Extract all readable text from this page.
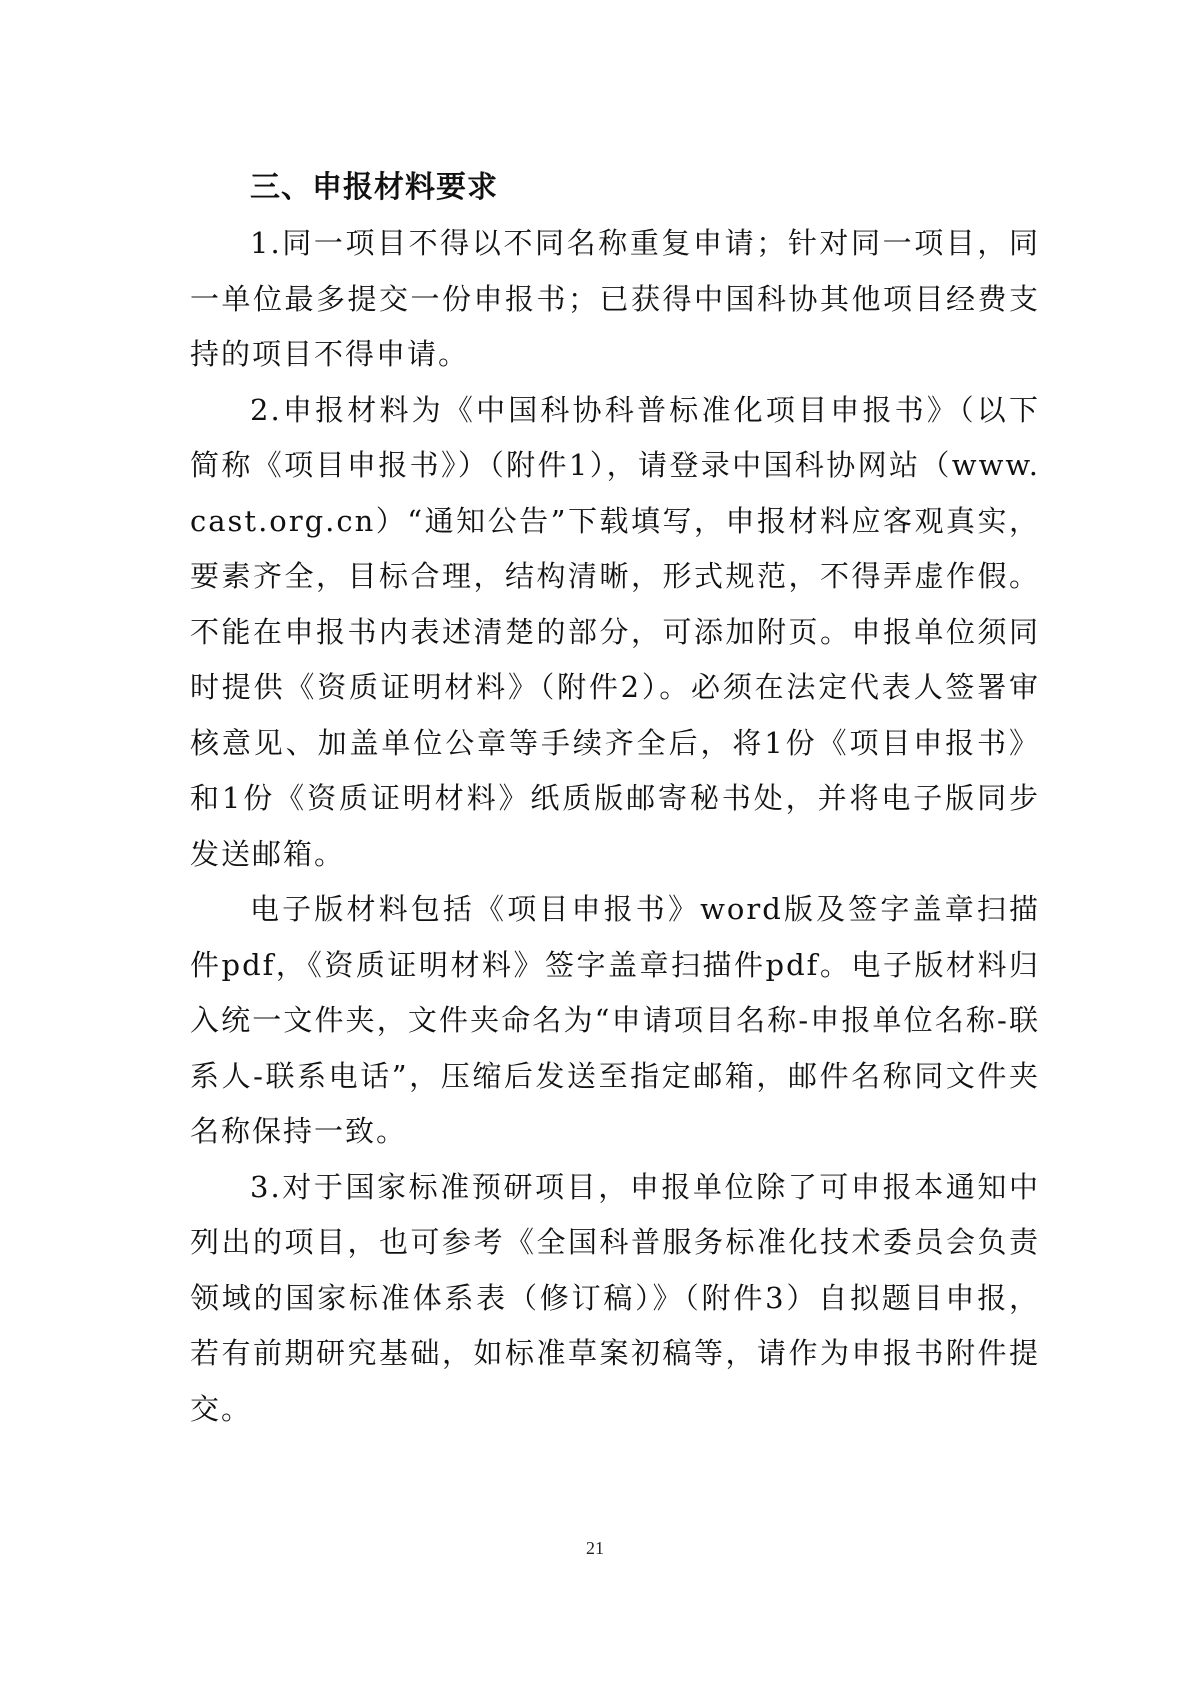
三、申报材料要求

1.同一项目不得以不同名称重复申请；针对同一项目，同一单位最多提交一份申报书；已获得中国科协其他项目经费支持的项目不得申请。

2.申报材料为《中国科协科普标准化项目申报书》（以下简称《项目申报书》）（附件1），请登录中国科协网站（www.cast.org.cn）“通知公告”下载填写，申报材料应客观真实，要素齐全，目标合理，结构清晰，形式规范，不得弄虚作假。不能在申报书内表述清楚的部分，可添加附页。申报单位须同时提供《资质证明材料》（附件2）。必须在法定代表人签署审核意见、加盖单位公章等手续齐全后，将1份《项目申报书》和1份《资质证明材料》纸质版邮寄秘书处，并将电子版同步发送邮箱。

电子版材料包括《项目申报书》word版及签字盖章扫描件pdf，《资质证明材料》签字盖章扫描件pdf。电子版材料归入统一文件夹，文件夹命名为“申请项目名称-申报单位名称-联系人-联系电话”，压缩后发送至指定邮箱，邮件名称同文件夹名称保持一致。

3.对于国家标准预研项目，申报单位除了可申报本通知中列出的项目，也可参考《全国科普服务标准化技术委员会负责领域的国家标准体系表（修订稿）》（附件3）自拟题目申报，若有前期研究基础，如标准草案初稿等，请作为申报书附件提交。

21
